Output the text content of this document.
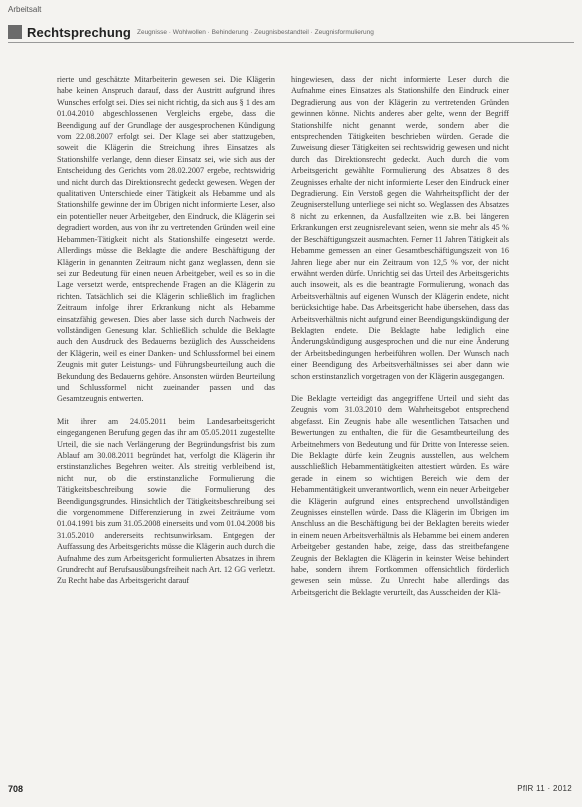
Arbeitsalt
Rechtsprechung Zeugnisse · Wohlwollen · Behinderung · Zeugnisbestandteil · Zeugnisformulierung

rierte und geschätzte Mitarbeiterin gewesen sei. Die Klägerin habe keinen Anspruch darauf, dass der Austritt aufgrund ihres Wunsches erfolgt sei. Dies sei nicht richtig, da sich aus § 1 des am 01.04.2010 abgeschlossenen Vergleichs ergebe, dass die Beendigung auf der Grundlage der ausgesprochenen Kündigung vom 22.08.2007 erfolgt sei. Der Klage sei aber stattzugeben, soweit die Klägerin die Streichung ihres Einsatzes als Stationshilfe verlange, denn dieser Einsatz sei, wie sich aus der Entscheidung des Gerichts vom 28.02.2007 ergebe, rechtswidrig und nicht durch das Direktionsrecht gedeckt gewesen. Wegen der qualitativen Unterschiede einer Tätigkeit als Hebamme und als Stationshilfe gewinne der im Übrigen nicht informierte Leser, also ein potentieller neuer Arbeitgeber, den Eindruck, die Klägerin sei degradiert worden, aus von ihr zu vertretenden Gründen weil eine Hebammen-Tätigkeit nicht als Stationshilfe eingesetzt werde. Allerdings müsse die Beklagte die andere Beschäftigung der Klägerin in genannten Zeitraum nicht ganz weglassen, denn sie sei zur Bedeutung für einen neuen Arbeitgeber, weil es so in die Lage versetzt werde, entsprechende Fragen an die Klägerin zu richten. Tatsächlich sei die Klägerin schließlich im fraglichen Zeitraum infolge ihrer Erkrankung nicht als Hebamme einsatzfähig gewesen. Dies aber lasse sich durch Nachweis der vollständigen Genesung klar. Schließlich schulde die Beklagte auch den Ausdruck des Bedauerns bezüglich des Ausscheidens der Klägerin, weil es einer Danken- und Schlussformel bei einem Zeugnis mit guter Leistungs- und Führungsbeurteilung auch die Bekundung des Bedauerns gehöre. Ansonsten würden Beurteilung und Schlussformel nicht zueinander passen und das Gesamtzeugnis entwerten.

Mit ihrer am 24.05.2011 beim Landesarbeitsgericht eingegangenen Berufung gegen das ihr am 05.05.2011 zugestellte Urteil, die sie nach Verlängerung der Begründungsfrist bis zum Ablauf am 30.08.2011 begründet hat, verfolgt die Klägerin ihr erstinstanzliches Begehren weiter. Als streitig verbleibend ist, nicht nur, ob die erstinstanzliche Formulierung die Tätigkeitsbeschreibung sowie die Formulierung des Beendigungsgrundes. Hinsichtlich der Tätigkeitsbeschreibung sei die vorgenommene Differenzierung in zwei Zeiträume vom 01.04.1991 bis zum 31.05.2008 einerseits und vom 01.04.2008 bis 31.05.2010 andererseits rechtsunwirksam. Entgegen der Auffassung des Arbeitsgerichts müsse die Klägerin auch durch die Aufnahme des zum Arbeitsgericht formulierten Absatzes in ihrem Grundrecht auf Berufsausübungsfreiheit nach Art. 12 GG verletzt. Zu Recht habe das Arbeitsgericht darauf

hingewiesen, dass der nicht informierte Leser durch die Aufnahme eines Einsatzes als Stationshilfe den Eindruck einer Degradierung aus von der Klägerin zu vertretenden Gründen gewinnen könne. Nichts anderes aber gelte, wenn der Begriff Stationshilfe nicht genannt werde, sondern aber die entsprechenden Tätigkeiten beschrieben würden. Gerade die Zuweisung dieser Tätigkeiten sei rechtswidrig gewesen und nicht durch das Direktionsrecht gedeckt. Auch durch die vom Arbeitsgericht gewählte Formulierung des Absatzes 8 des Zeugnisses erhalte der nicht informierte Leser den Eindruck einer Degradierung. Ein Verstoß gegen die Wahrheitspflicht der der Zeugniserstellung unterliege sei nicht so. Weglassen des Absatzes 8 nicht zu erkennen, da Ausfallzeiten wie z.B. bei längeren Erkrankungen erst zeugnisrelevant seien, wenn sie mehr als 45 % der Beschäftigungszeit ausmachten. Ferner 11 Jahren Tätigkeit als Hebamme gemessen an einer Gesamtbeschäftigungszeit von 16 Jahren liege aber nur ein Zeitraum von 12,5 % vor, der nicht erwähnt werden dürfe. Unrichtig sei das Urteil des Arbeitsgerichts auch insoweit, als es die beantragte Formulierung, wonach das Arbeitsverhältnis auf eigenen Wunsch der Klägerin endete, nicht berücksichtige habe. Das Arbeitsgericht habe übersehen, dass das Arbeitsverhältnis nicht aufgrund einer Beendigungskündigung der Beklagten endete. Die Beklagte habe lediglich eine Änderungskündigung ausgesprochen und die nur eine Änderung der Arbeitsbedingungen herbeiführen wollen. Der Wunsch nach einer Beendigung des Arbeitsverhältnisses sei aber dann wie schon erstinstanzlich vorgetragen von der Klägerin ausgegangen.

Die Beklagte verteidigt das angegriffene Urteil und sieht das Zeugnis vom 31.03.2010 dem Wahrheitsgebot entsprechend abgefasst. Ein Zeugnis habe alle wesentlichen Tatsachen und Bewertungen zu enthalten, die für die Gesamtbeurteilung des Arbeitnehmers von Bedeutung und für Dritte von Interesse seien. Die Beklagte dürfe kein Zeugnis ausstellen, aus welchem ausschließlich Hebammentätigkeiten attestiert würden. Es wäre gerade in einem so wichtigen Bereich wie dem der Hebammentätigkeit unverantwortlich, wenn ein neuer Arbeitgeber die Klägerin aufgrund eines entsprechend unvollständigen Zeugnisses einstellen würde. Dass die Klägerin im Übrigen im Anschluss an die Beschäftigung bei der Beklagten bereits wieder in einem neuen Arbeitsverhältnis als Hebamme bei einem anderen Arbeitgeber gestanden habe, zeige, dass das streitbefangene Zeugnis der Beklagten die Klägerin in keinster Weise behindert habe, sondern ihrem Fortkommen offensichtlich förderlich gewesen sein müsse. Zu Unrecht habe allerdings das Arbeitsgericht die Beklagte verurteilt, das Ausscheiden der Klä-

708	PflR 11 · 2012
